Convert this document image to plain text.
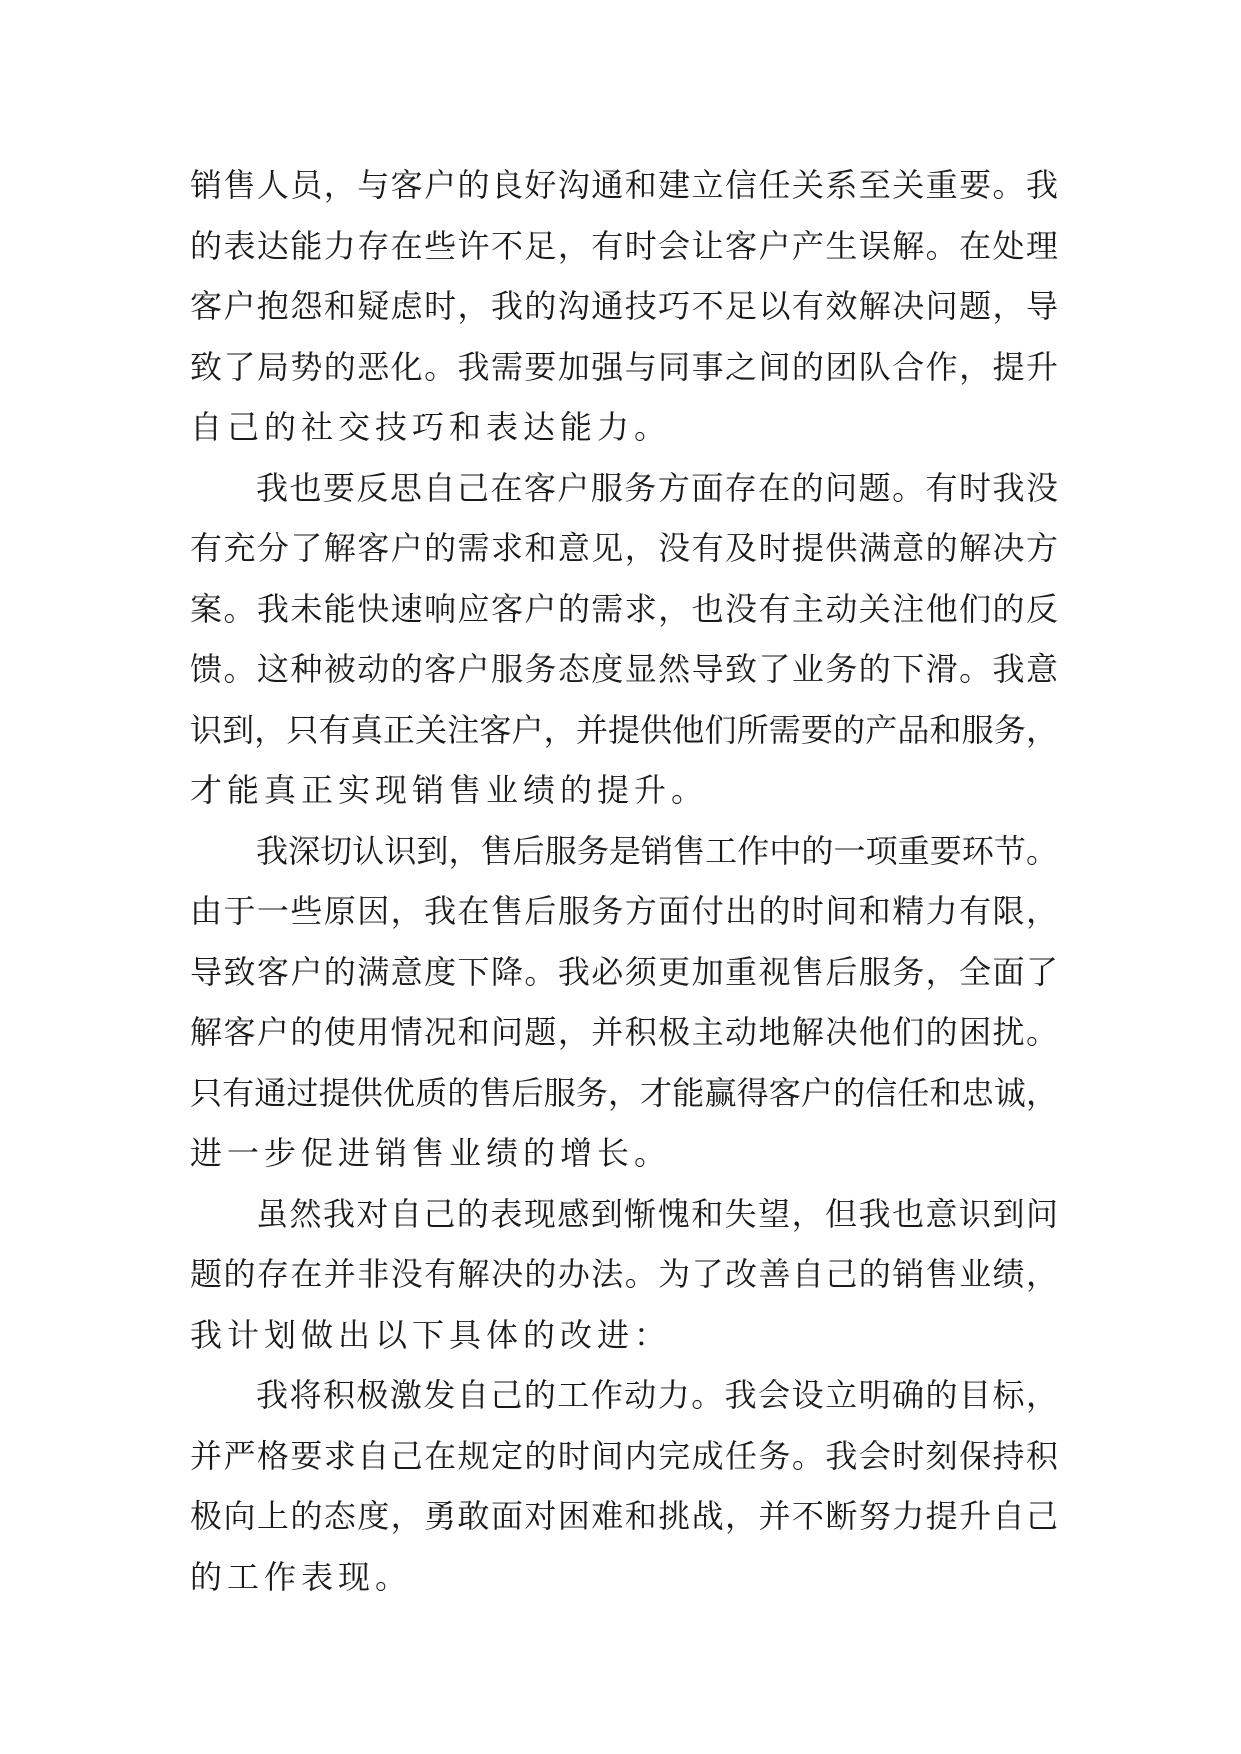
销售人员，与客户的良好沟通和建立信任关系至关重要。我
的表达能力存在些许不足，有时会让客户产生误解。在处理
客户抱怨和疑虑时，我的沟通技巧不足以有效解决问题，导
致了局势的恶化。我需要加强与同事之间的团队合作，提升
自己的社交技巧和表达能力。
我也要反思自己在客户服务方面存在的问题。有时我没
有充分了解客户的需求和意见，没有及时提供满意的解决方
案。我未能快速响应客户的需求，也没有主动关注他们的反
馈。这种被动的客户服务态度显然导致了业务的下滑。我意
识到，只有真正关注客户，并提供他们所需要的产品和服务，
才能真正实现销售业绩的提升。
我深切认识到，售后服务是销售工作中的一项重要环节。
由于一些原因，我在售后服务方面付出的时间和精力有限，
导致客户的满意度下降。我必须更加重视售后服务，全面了
解客户的使用情况和问题，并积极主动地解决他们的困扰。
只有通过提供优质的售后服务，才能赢得客户的信任和忠诚，
进一步促进销售业绩的增长。
虽然我对自己的表现感到惭愧和失望，但我也意识到问
题的存在并非没有解决的办法。为了改善自己的销售业绩，
我计划做出以下具体的改进：
我将积极激发自己的工作动力。我会设立明确的目标，
并严格要求自己在规定的时间内完成任务。我会时刻保持积
极向上的态度，勇敢面对困难和挑战，并不断努力提升自己
的工作表现。
